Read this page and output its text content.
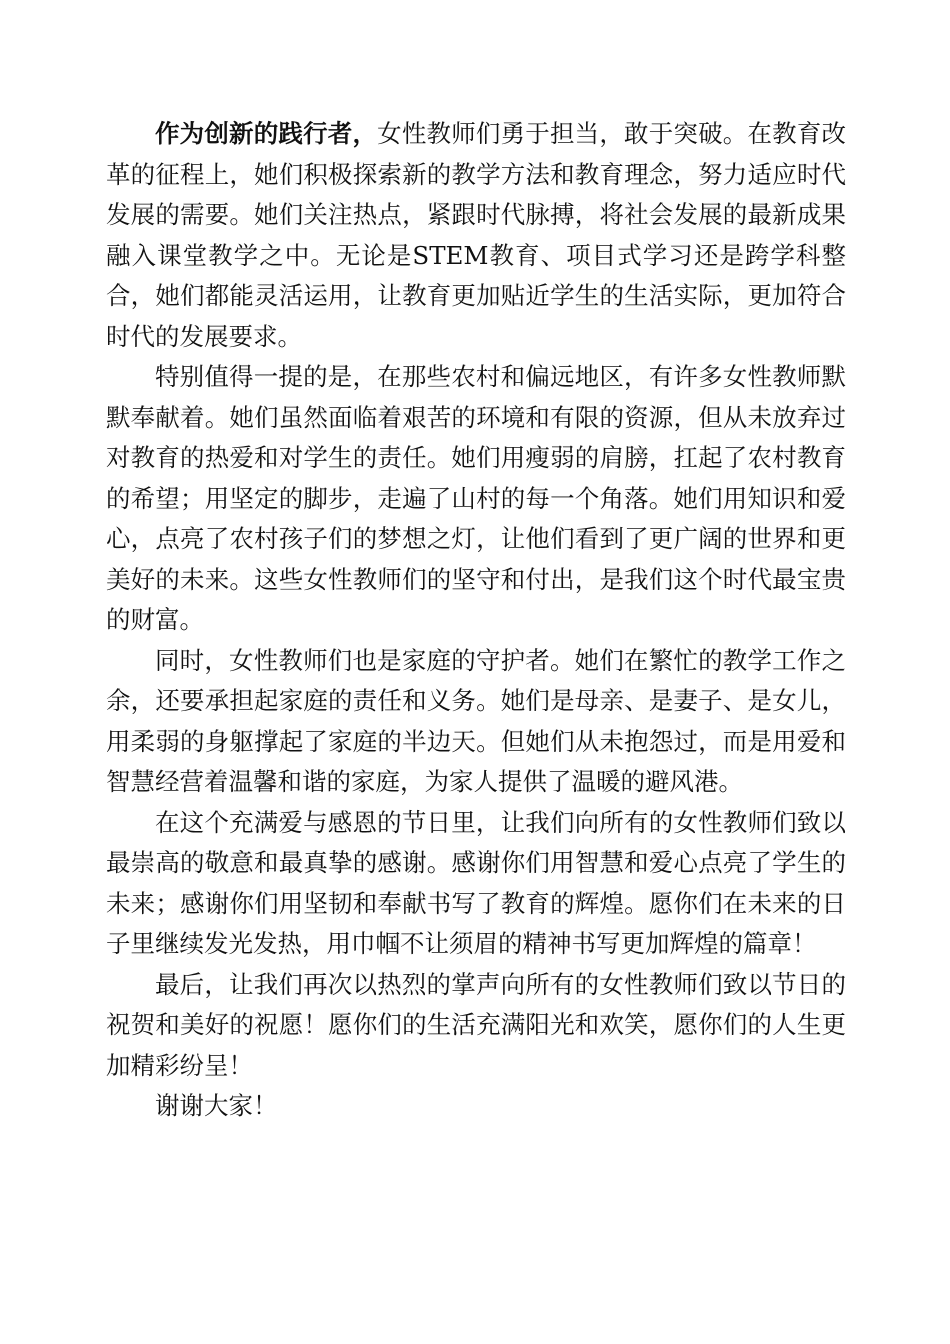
作为创新的践行者，女性教师们勇于担当，敢于突破。在教育改革的征程上，她们积极探索新的教学方法和教育理念，努力适应时代发展的需要。她们关注热点，紧跟时代脉搏，将社会发展的最新成果融入课堂教学之中。无论是STEM教育、项目式学习还是跨学科整合，她们都能灵活运用，让教育更加贴近学生的生活实际，更加符合时代的发展要求。

特别值得一提的是，在那些农村和偏远地区，有许多女性教师默默奉献着。她们虽然面临着艰苦的环境和有限的资源，但从未放弃过对教育的热爱和对学生的责任。她们用瘦弱的肩膀，扛起了农村教育的希望；用坚定的脚步，走遍了山村的每一个角落。她们用知识和爱心，点亮了农村孩子们的梦想之灯，让他们看到了更广阔的世界和更美好的未来。这些女性教师们的坚守和付出，是我们这个时代最宝贵的财富。

同时，女性教师们也是家庭的守护者。她们在繁忙的教学工作之余，还要承担起家庭的责任和义务。她们是母亲、是妻子、是女儿，用柔弱的身躯撑起了家庭的半边天。但她们从未抱怨过，而是用爱和智慧经营着温馨和谐的家庭，为家人提供了温暖的避风港。

在这个充满爱与感恩的节日里，让我们向所有的女性教师们致以最崇高的敬意和最真挚的感谢。感谢你们用智慧和爱心点亮了学生的未来；感谢你们用坚韧和奉献书写了教育的辉煌。愿你们在未来的日子里继续发光发热，用巾帼不让须眉的精神书写更加辉煌的篇章！

最后，让我们再次以热烈的掌声向所有的女性教师们致以节日的祝贺和美好的祝愿！愿你们的生活充满阳光和欢笑，愿你们的人生更加精彩纷呈！

谢谢大家！
